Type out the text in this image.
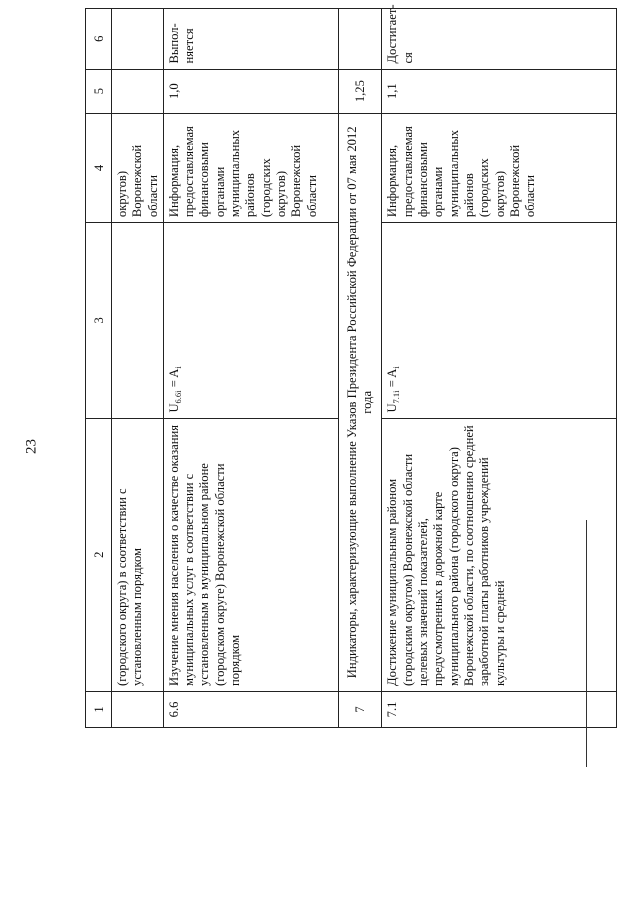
23
1	2	3	4	5	6
	(городского округа) в соответствии с установленным порядком		округов) Воронежской области		
6.6	Изучение мнения населения о качестве оказания муниципальных услуг в соответствии с установленным в муниципальном районе (городском округе) Воронежской области порядком	$U_{6.6i} = A_i$	Информация, предоставляемая финансовыми органами муниципальных районов (городских округов) Воронежской области	1,0	Выпол-няется
7	Индикаторы, характеризующие выполнение Указов Президента Российской Федерации от 07 мая 2012 года			1,25	
7.1	Достижение муниципальным районом (городским округом) Воронежской области целевых значений показателей, предусмотренных в дорожной карте муниципального района (городского округа) Воронежской области, по соотношению средней заработной платы работников учреждений культуры и средней	$U_{7.1i} = A_i$	Информация, предоставляемая финансовыми органами муниципальных районов (городских округов) Воронежской области	1,1	Достигает-ся
